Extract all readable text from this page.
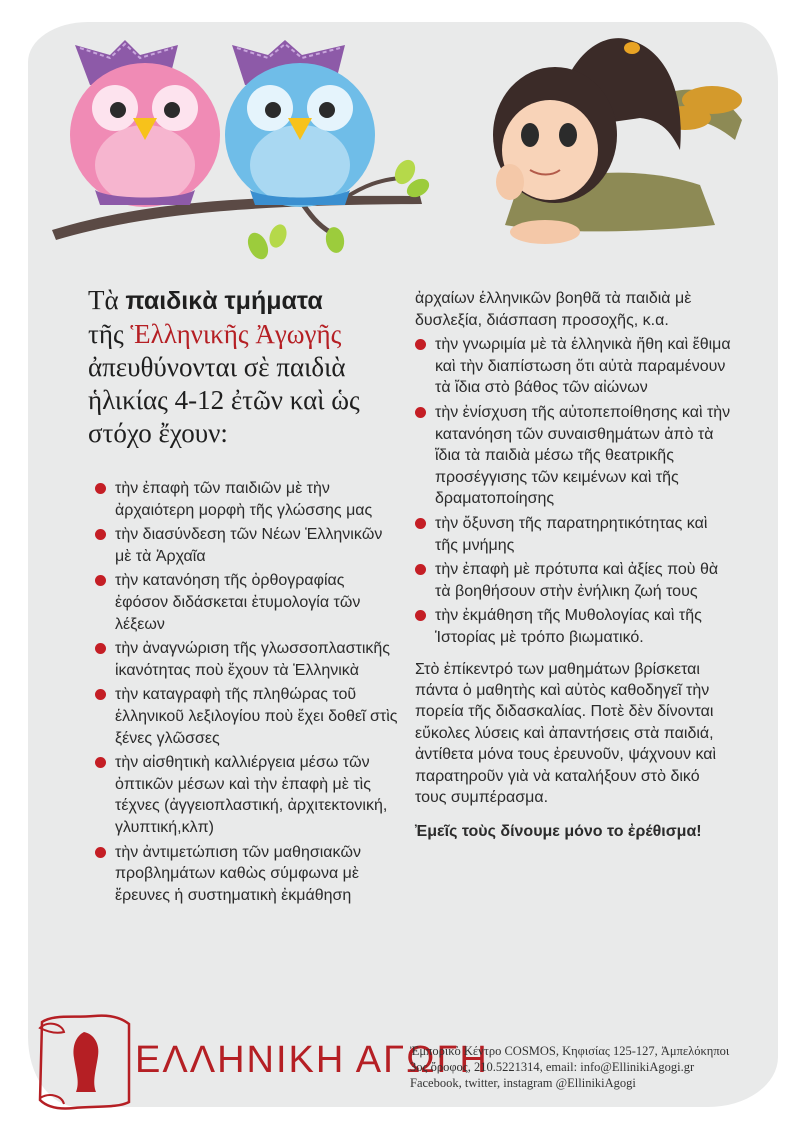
Τὰ παιδικὰ τμήματα
τῆς Ἑλληνικῆς Ἀγωγῆς
ἀπευθύνονται σὲ παιδιὰ ἡλικίας 4-12 ἐτῶν καὶ ὡς στόχο ἔχουν:
τὴν ἐπαφὴ τῶν παιδιῶν μὲ τὴν ἀρχαιότερη μορφὴ τῆς γλώσσης μας
τὴν διασύνδεση τῶν Νέων Ἑλληνικῶν μὲ τὰ Ἀρχαῖα
τὴν κατανόηση τῆς ὀρθογραφίας ἐφόσον διδάσκεται ἐτυμολογία τῶν λέξεων
τὴν ἀναγνώριση τῆς γλωσσοπλαστικῆς ἱκανότητας ποὺ ἔχουν τὰ Ἑλληνικὰ
τὴν καταγραφὴ τῆς πληθώρας τοῦ ἑλληνικοῦ λεξιλογίου ποὺ ἔχει δοθεῖ στὶς ξένες γλῶσσες
τὴν αἰσθητικὴ καλλιέργεια μέσω τῶν ὀπτικῶν μέσων καὶ τὴν ἐπαφὴ μὲ τὶς τέχνες (ἀγγειοπλαστική, ἀρχιτεκτονική, γλυπτική,κλπ)
τὴν ἀντιμετώπιση τῶν μαθησιακῶν προβλημάτων καθὼς σύμφωνα μὲ ἔρευνες ἡ συστηματικὴ ἐκμάθηση
ἀρχαίων ἑλληνικῶν βοηθᾶ τὰ παιδιὰ μὲ δυσλεξία, διάσπαση προσοχῆς, κ.α.
τὴν γνωριμία μὲ τὰ ἑλληνικὰ ἤθη καὶ ἔθιμα καὶ τὴν διαπίστωση ὅτι αὐτὰ παραμένουν τὰ ἴδια στὸ βάθος τῶν αἰώνων
τὴν ἐνίσχυση τῆς αὐτοπεποίθησης καὶ τὴν κατανόηση τῶν συναισθημάτων ἀπὸ τὰ ἴδια τὰ παιδιὰ μέσω τῆς θεατρικῆς προσέγγισης τῶν κειμένων καὶ τῆς δραματοποίησης
τὴν ὄξυνση τῆς παρατηρητικότητας καὶ τῆς μνήμης
τὴν ἐπαφὴ μὲ πρότυπα καὶ ἀξίες ποὺ θὰ τὰ βοηθήσουν στὴν ἐνήλικη ζωή τους
τὴν ἐκμάθηση τῆς Μυθολογίας καὶ τῆς Ἱστορίας μὲ τρόπο βιωματικό.
Στὸ ἐπίκεντρό των μαθημάτων βρίσκεται πάντα ὁ μαθητὴς καὶ αὐτὸς καθοδηγεῖ τὴν πορεία τῆς διδασκαλίας. Ποτὲ δὲν δίνονται εὔκολες λύσεις καὶ ἀπαντήσεις στὰ παιδιά, ἀντίθετα μόνα τους ἐρευνοῦν, ψάχνουν καὶ παρατηροῦν γιὰ νὰ καταλήξουν στὸ δικό τους συμπέρασμα.
Ἐμεῖς τοὺς δίνουμε μόνο το ἐρέθισμα!
ΕΛΛΗΝΙΚΗ ΑΓΩΓΗ
Ἐμπορικὸ Κέντρο COSMOS, Κηφισίας 125-127, Ἀμπελόκηποι
3ος ὄροφος, 210.5221314, email: info@EllinikiAgogi.gr
Facebook, twitter, instagram @EllinikiAgogi
